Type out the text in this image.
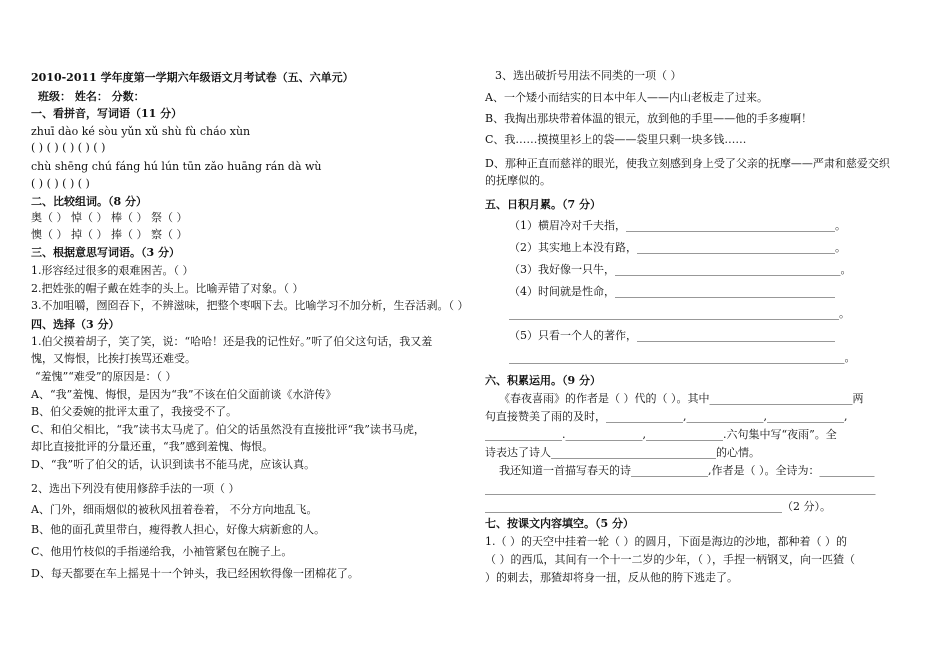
2010-2011 学年度第一学期六年级语文月考试卷（五、六单元）
班级： 姓名： 分数：
一、看拼音，写词语（11 分）
zhuī dào ké sòu yǔn xǔ shù fù cháo xùn
( ) ( ) ( ) ( ) ( )
chù shēng chú fáng hú lún tūn zǎo huāng rán dà wù
( ) ( ) ( ) ( )
二、比较组词。（8 分）
奥（ ） 悼（ ） 棒（ ） 祭（ ）
懊（ ） 掉（ ） 捧（ ） 察（ ）
三、根据意思写词语。（3 分）
1.形容经过很多的艰难困苦。（ ）
2.把姓张的帽子戴在姓李的头上。比喻弄错了对象。（ ）
3.不加咀嚼，囫囵吞下，不辨滋味，把整个枣咽下去。比喻学习不加分析，生吞活剥。（ ）
四、选择（3 分）
1.伯父摸着胡子，笑了笑，说：“哈哈！还是我的记性好。”听了伯父这句话，我又羞
愧，又悔恨，比挨打挨骂还难受。
“羞愧”“难受”的原因是：（ ）
A、“我”羞愧、悔恨，是因为“我”不该在伯父面前谈《水浒传》
B、伯父委婉的批评太重了，我接受不了。
C、和伯父相比，“我”读书太马虎了。伯父的话虽然没有直接批评“我”读书马虎，
却比直接批评的分量还重，“我”感到羞愧、悔恨。
D、“我”听了伯父的话，认识到读书不能马虎，应该认真。
2、选出下列没有使用修辞手法的一项（ ）
A、门外，细雨烟似的被秋风扭着卷着， 不分方向地乱飞。
B、他的面孔黄里带白，瘦得教人担心，好像大病新愈的人。
C、他用竹枝似的手指递给我，小袖管紧包在腕子上。
D、每天都要在车上摇晃十一个钟头，我已经困软得像一团棉花了。
3、选出破折号用法不同类的一项（ ）
A、一个矮小而结实的日本中年人——内山老板走了过来。
B、我掏出那块带着体温的银元，放到他的手里——他的手多瘦啊！
C、我……摸摸里衫上的袋——袋里只剩一块多钱……
D、那种正直而慈祥的眼光，使我立刻感到身上受了父亲的抚摩——严肃和慈爱交织
的抚摩似的。
五、日积月累。（7 分）
（1）横眉冷对千夫指，______________________________________。
（2）其实地上本没有路，____________________________________。
（3）我好像一只牛，_________________________________________。
（4）时间就是性命，________________________________________
____________________________________________________________。
（5）只看一个人的著作，____________________________________
_____________________________________________________________。
六、积累运用。（9 分）
《春夜喜雨》的作者是（ ）代的（ ）。其中__________________________两
句直接赞美了雨的及时，______________,______________,______________,
______________.______________,______________.六句集中写“夜雨”。全
诗表达了诗人______________________________的心情。
我还知道一首描写春天的诗______________,作者是（ ）。全诗为：__________
_______________________________________________________________________
______________________________________________________（2 分）。
七、按课文内容填空。（5 分）
1.（ ）的天空中挂着一轮（ ）的圆月，下面是海边的沙地，都种着（ ）的
（ ）的西瓜，其间有一个十一二岁的少年，（ ），手捏一柄钢叉，向一匹猹（
）的刺去，那猹却将身一扭，反从他的胯下逃走了。
